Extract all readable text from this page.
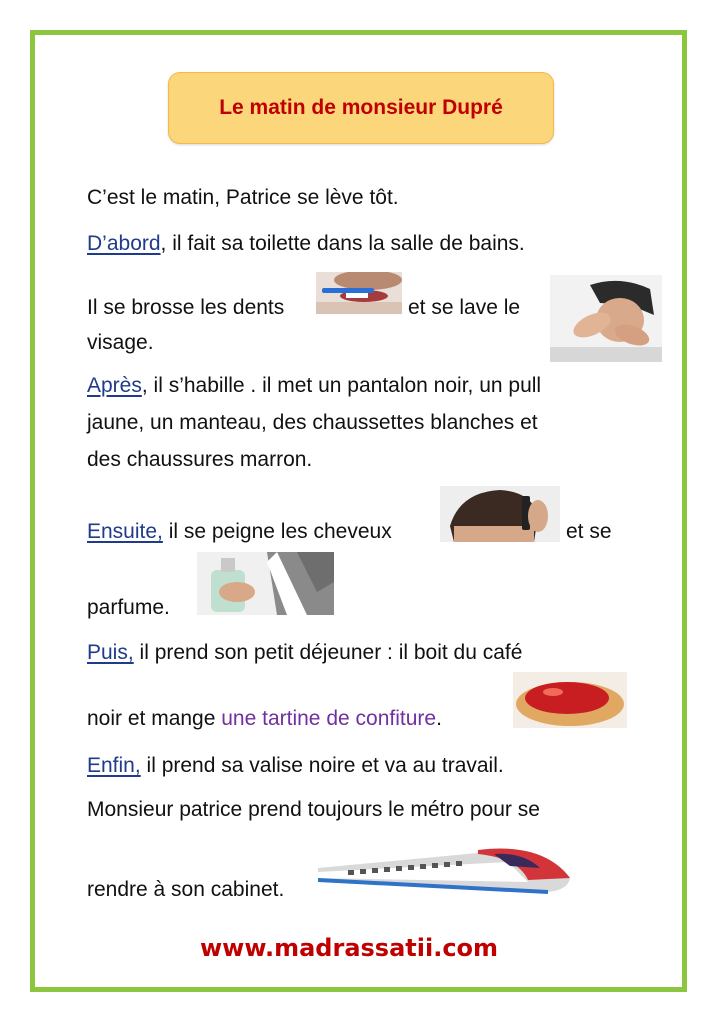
Le matin de monsieur Dupré
C’est le matin, Patrice se lève tôt.
D’abord, il fait sa toilette dans la salle de bains.
Il se brosse les dents	et se lave le
visage.
Après, il s’habille . il met un pantalon noir, un pull
jaune, un manteau, des chaussettes blanches et
des chaussures marron.
Ensuite, il se peigne les cheveux	et se
parfume.
Puis, il prend son petit déjeuner : il boit du café
noir et mange une tartine de confiture.
Enfin, il prend sa valise noire et va au travail.
Monsieur patrice prend toujours le métro pour se
rendre à son cabinet.
www.madrassatii.com
